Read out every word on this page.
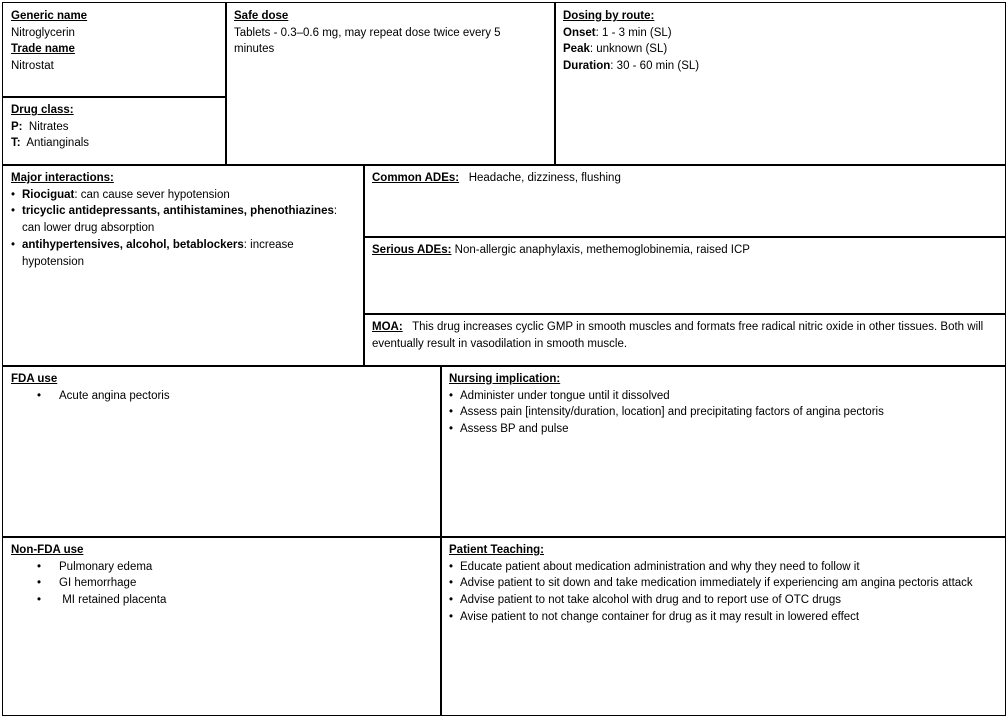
Generic name
Nitroglycerin
Trade name
Nitrostat
Drug class:
P: Nitrates
T: Antianginals
Safe dose
Tablets - 0.3–0.6 mg, may repeat dose twice every 5 minutes
Dosing by route:
Onset: 1 - 3 min (SL)
Peak: unknown (SL)
Duration: 30 - 60 min (SL)
Major interactions:
• Riociguat: can cause sever hypotension
• tricyclic antidepressants, antihistamines, phenothiazines: can lower drug absorption
• antihypertensives, alcohol, betablockers: increase hypotension
Common ADEs: Headache, dizziness, flushing
Serious ADEs: Non-allergic anaphylaxis, methemoglobinemia, raised ICP
MOA: This drug increases cyclic GMP in smooth muscles and formats free radical nitric oxide in other tissues. Both will eventually result in vasodilation in smooth muscle.
FDA use
• Acute angina pectoris
Nursing implication:
• Administer under tongue until it dissolved
• Assess pain [intensity/duration, location] and precipitating factors of angina pectoris
• Assess BP and pulse
Non-FDA use
• Pulmonary edema
• GI hemorrhage
•  MI retained placenta
Patient Teaching:
• Educate patient about medication administration and why they need to follow it
• Advise patient to sit down and take medication immediately if experiencing am angina pectoris attack
• Advise patient to not take alcohol with drug and to report use of OTC drugs
• Avise patient to not change container for drug as it may result in lowered effect
